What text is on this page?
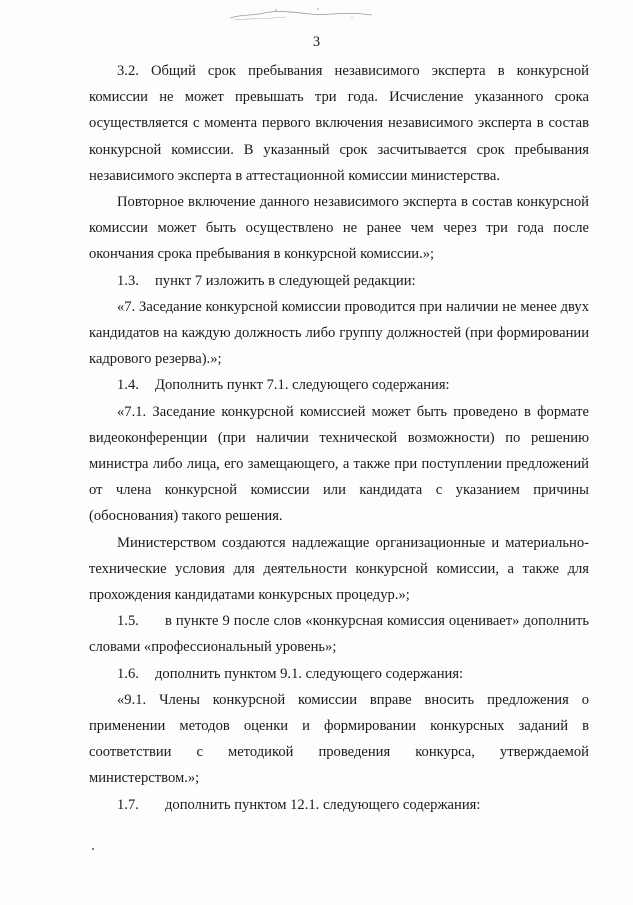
3

3.2. Общий срок пребывания независимого эксперта в конкурсной комиссии не может превышать три года. Исчисление указанного срока осуществляется с момента первого включения независимого эксперта в состав конкурсной комиссии. В указанный срок засчитывается срок пребывания независимого эксперта в аттестационной комиссии министерства.

Повторное включение данного независимого эксперта в состав конкурсной комиссии может быть осуществлено не ранее чем через три года после окончания срока пребывания в конкурсной комиссии.»;

1.3. пункт 7 изложить в следующей редакции:

«7. Заседание конкурсной комиссии проводится при наличии не менее двух кандидатов на каждую должность либо группу должностей (при формировании кадрового резерва).»;

1.4. Дополнить пункт 7.1. следующего содержания:

«7.1. Заседание конкурсной комиссией может быть проведено в формате видеоконференции (при наличии технической возможности) по решению министра либо лица, его замещающего, а также при поступлении предложений от члена конкурсной комиссии или кандидата с указанием причины (обоснования) такого решения.

Министерством создаются надлежащие организационные и материально-технические условия для деятельности конкурсной комиссии, а также для прохождения кандидатами конкурсных процедур.»;

1.5. в пункте 9 после слов «конкурсная комиссия оценивает» дополнить словами «профессиональный уровень»;

1.6. дополнить пунктом 9.1. следующего содержания:

«9.1. Члены конкурсной комиссии вправе вносить предложения о применении методов оценки и формировании конкурсных заданий в соответствии с методикой проведения конкурса, утверждаемой министерством.»;

1.7. дополнить пунктом 12.1. следующего содержания:
